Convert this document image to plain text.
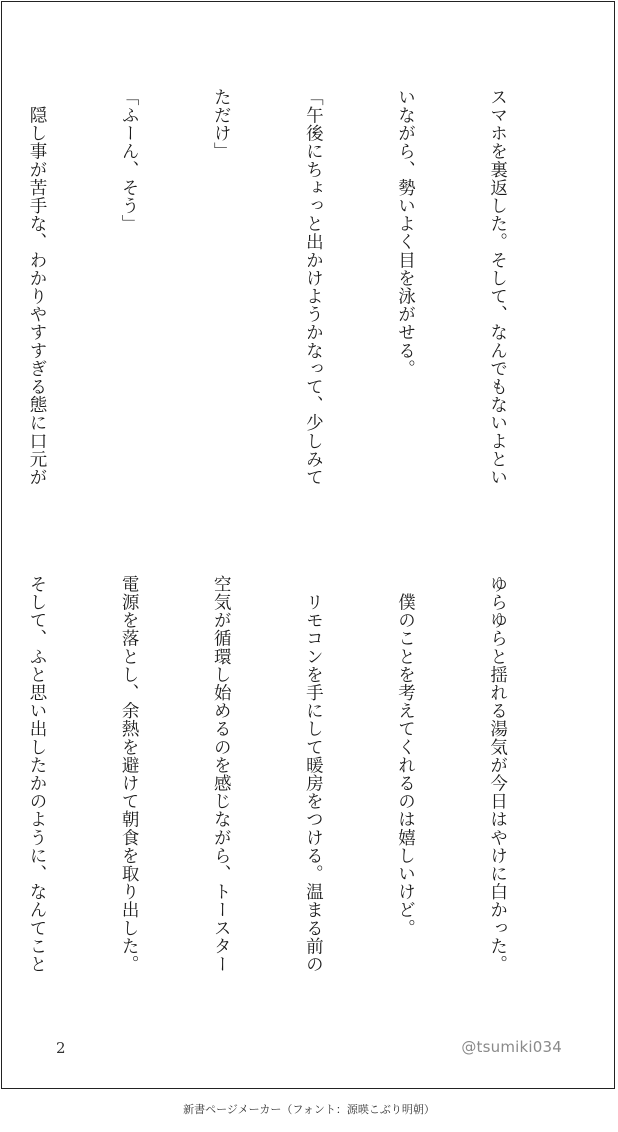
スマホを裏返した。そして、なんでもないよとい

いながら、勢いよく目を泳がせる。

「午後にちょっと出かけようかなって、少しみて

ただけ」

「ふーん、そう」

　隠し事が苦手な、わかりやすすぎる態に口元が

ゆらゆらと揺れる湯気が今日はやけに白かった。

　僕のことを考えてくれるのは嬉しいけど。

　リモコンを手にして暖房をつける。温まる前の

空気が循環し始めるのを感じながら、トースター

電源を落とし、余熱を避けて朝食を取り出した。

そして、ふと思い出したかのように、なんてこと

2	@tsumiki034
新書ページメーカー（フォント：源暎こぶり明朝）
